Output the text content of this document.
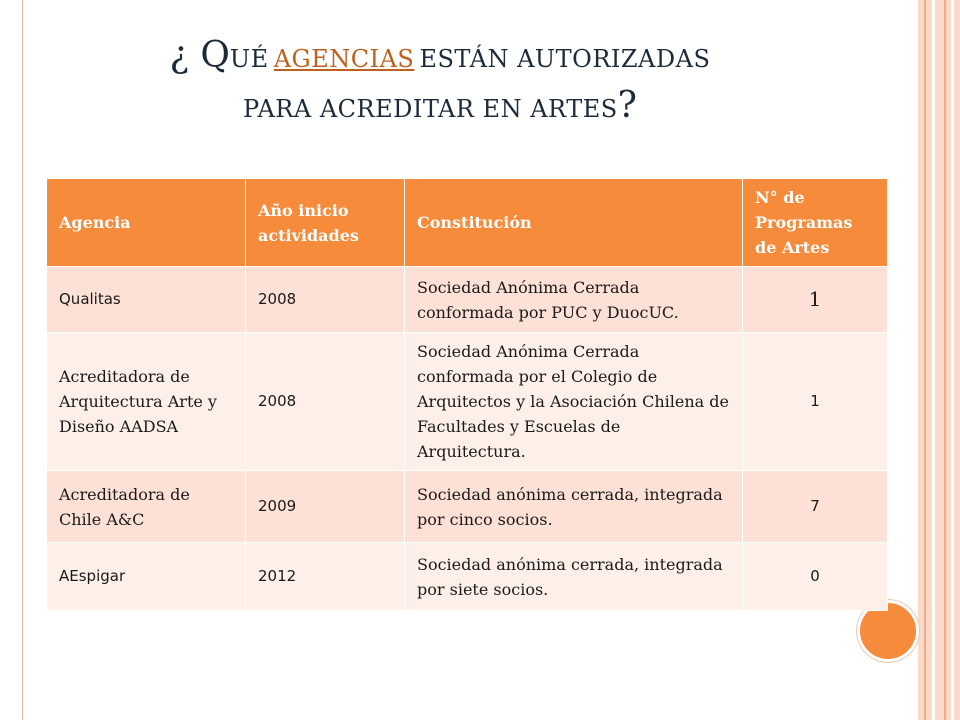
¿ QUÉ AGENCIAS ESTÁN AUTORIZADAS
PARA ACREDITAR EN ARTES?
Agencia	Año inicio actividades	Constitución	N° de Programas de Artes
Qualitas	2008	Sociedad Anónima Cerrada conformada por PUC y DuocUC.	1
Acreditadora de Arquitectura Arte y Diseño AADSA	2008	Sociedad Anónima Cerrada conformada por el Colegio de Arquitectos y la Asociación Chilena de Facultades y Escuelas de Arquitectura.	1
Acreditadora de Chile A&C	2009	Sociedad anónima cerrada, integrada por cinco socios.	7
AEspigar	2012	Sociedad anónima cerrada, integrada por siete socios.	0
